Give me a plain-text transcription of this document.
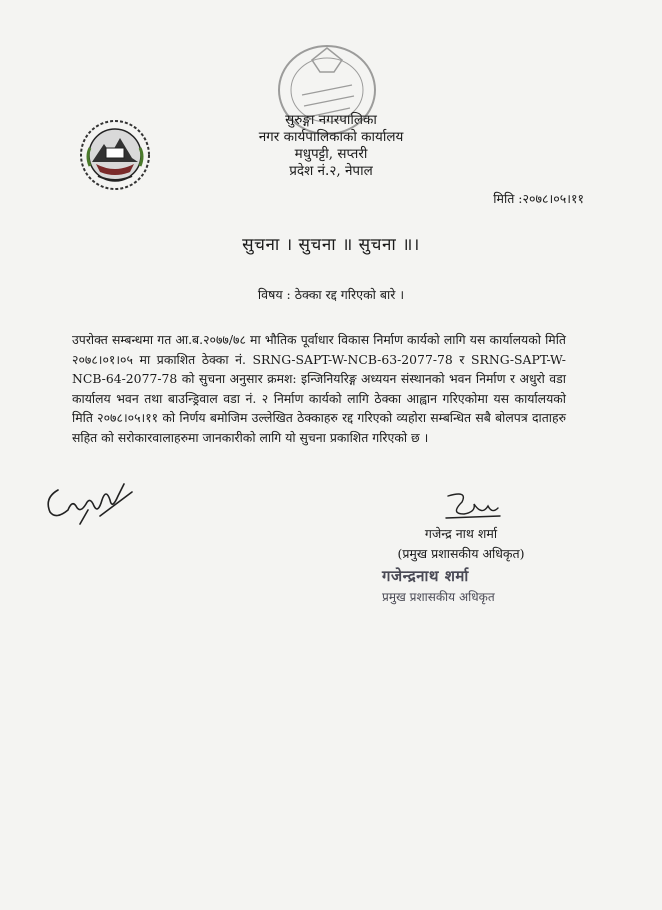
सुरुङ्गा नगरपालिका
नगर कार्यपालिकाको कार्यालय
मधुपट्टी, सप्तरी
प्रदेश नं.२, नेपाल
मिति :२०७८।०५।११
सुचना । सुचना ॥ सुचना ॥।
विषय : ठेक्का रद्द गरिएको बारे ।
उपरोक्त सम्बन्धमा गत आ.ब.२०७७/७८ मा भौतिक पूर्वाधार विकास निर्माण कार्यको लागि यस कार्यालयको मिति २०७८।०१।०५ मा प्रकाशित ठेक्का नं. SRNG-SAPT-W-NCB-63-2077-78 र SRNG-SAPT-W-NCB-64-2077-78 को सुचना अनुसार क्रमश: इन्जिनियरिङ्ग अध्ययन संस्थानको भवन निर्माण र अधुरो वडा कार्यालय भवन तथा बाउन्ड्रिवाल वडा नं. २ निर्माण कार्यको लागि ठेक्का आह्वान गरिएकोमा यस कार्यालयको मिति २०७८।०५।११ को निर्णय बमोजिम उल्लेखित ठेक्काहरु रद्द गरिएको व्यहोरा सम्बन्धित सबै बोलपत्र दाताहरु सहित को सरोकारवालाहरुमा जानकारीको लागि यो सुचना प्रकाशित गरिएको छ ।
गजेन्द्र नाथ शर्मा
(प्रमुख प्रशासकीय अधिकृत)
गजेन्द्रनाथ शर्मा
प्रमुख प्रशासकीय अधिकृत
